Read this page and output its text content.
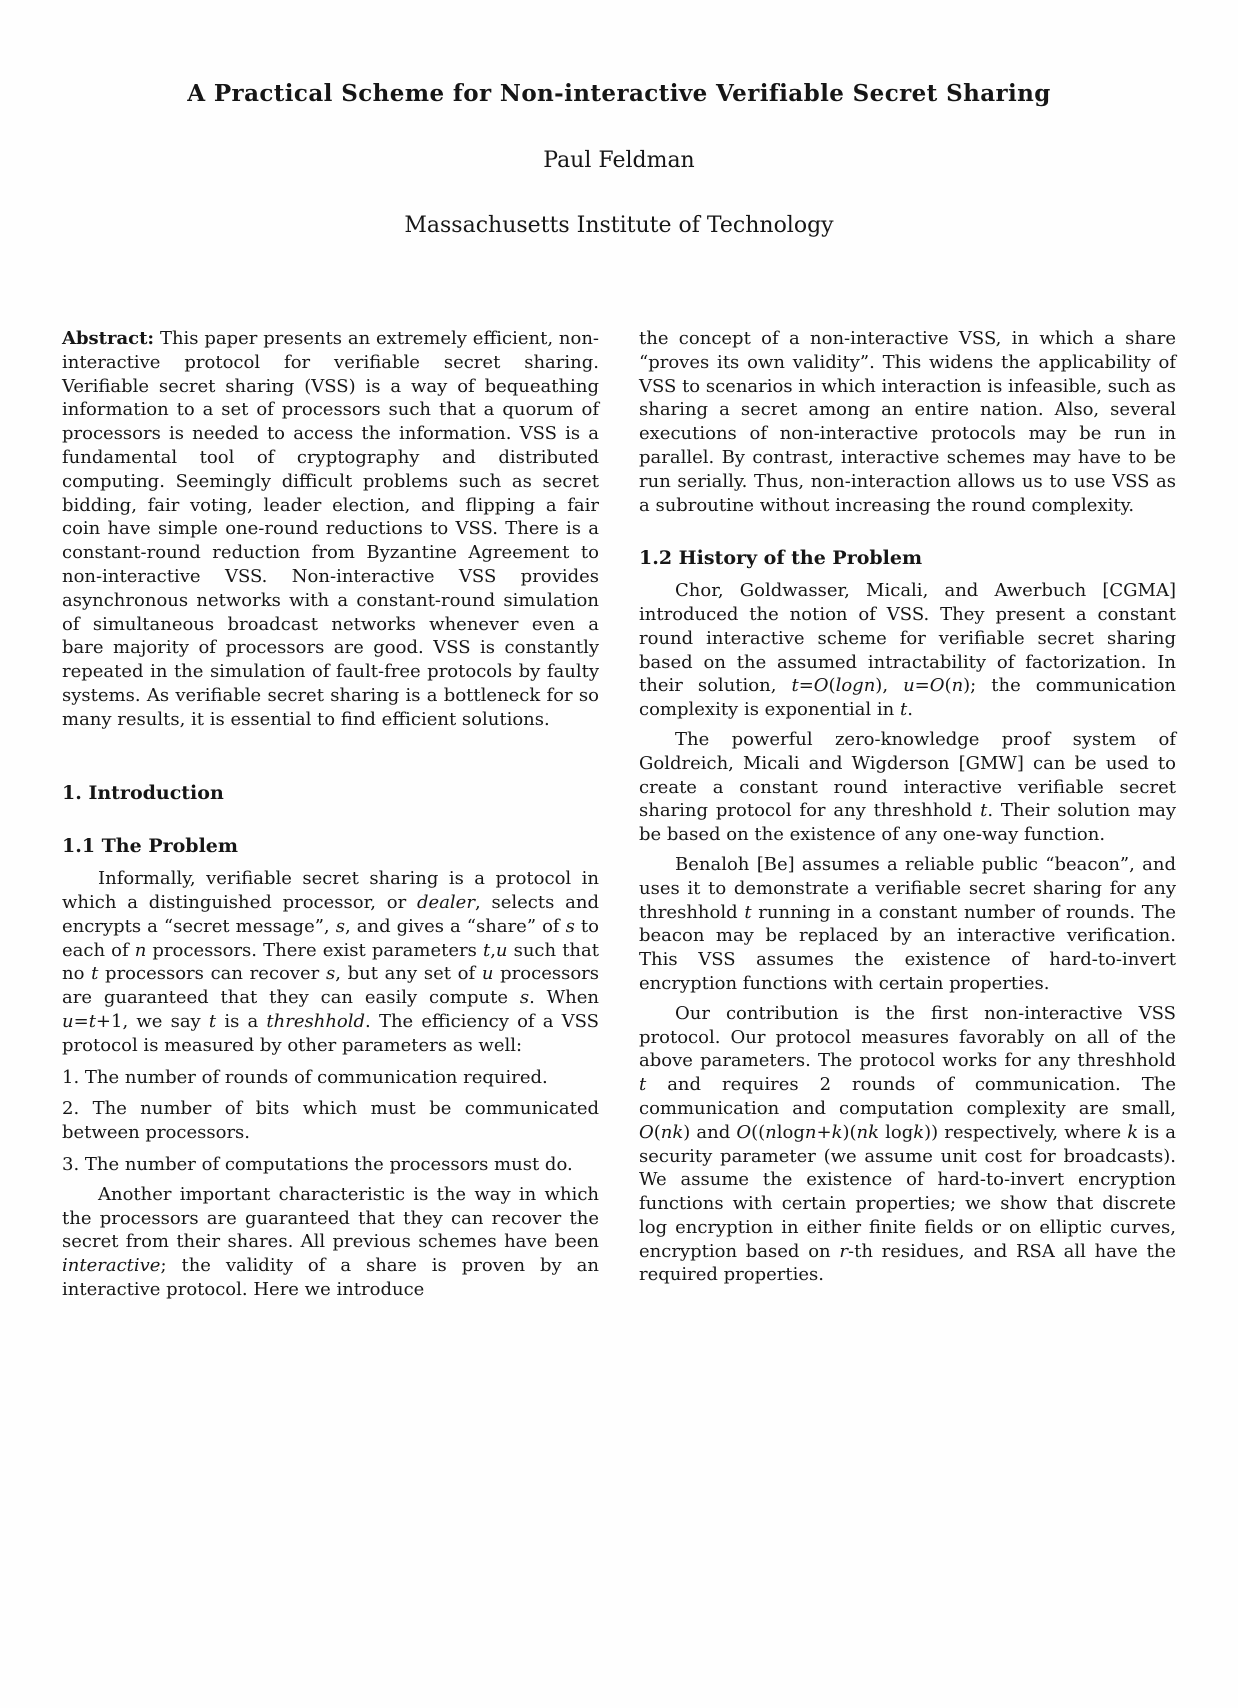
A Practical Scheme for Non-interactive Verifiable Secret Sharing
Paul Feldman
Massachusetts Institute of Technology

Abstract: This paper presents an extremely efficient, non-interactive protocol for verifiable secret sharing. Verifiable secret sharing (VSS) is a way of bequeathing information to a set of processors such that a quorum of processors is needed to access the information. VSS is a fundamental tool of cryptography and distributed computing. Seemingly difficult problems such as secret bidding, fair voting, leader election, and flipping a fair coin have simple one-round reductions to VSS. There is a constant-round reduction from Byzantine Agreement to non-interactive VSS. Non-interactive VSS provides asynchronous networks with a constant-round simulation of simultaneous broadcast networks whenever even a bare majority of processors are good. VSS is constantly repeated in the simulation of fault-free protocols by faulty systems. As verifiable secret sharing is a bottleneck for so many results, it is essential to find efficient solutions.

1. Introduction
1.1 The Problem

Informally, verifiable secret sharing is a protocol in which a distinguished processor, or dealer, selects and encrypts a “secret message”, s, and gives a “share” of s to each of n processors. There exist parameters t,u such that no t processors can recover s, but any set of u processors are guaranteed that they can easily compute s. When u=t+1, we say t is a threshhold. The efficiency of a VSS protocol is measured by other parameters as well:

1. The number of rounds of communication required.

2. The number of bits which must be communicated between processors.

3. The number of computations the processors must do.

Another important characteristic is the way in which the processors are guaranteed that they can recover the secret from their shares. All previous schemes have been interactive; the validity of a share is proven by an interactive protocol. Here we introduce

the concept of a non-interactive VSS, in which a share “proves its own validity”. This widens the applicability of VSS to scenarios in which interaction is infeasible, such as sharing a secret among an entire nation. Also, several executions of non-interactive protocols may be run in parallel. By contrast, interactive schemes may have to be run serially. Thus, non-interaction allows us to use VSS as a subroutine without increasing the round complexity.

1.2 History of the Problem

Chor, Goldwasser, Micali, and Awerbuch [CGMA] introduced the notion of VSS. They present a constant round interactive scheme for verifiable secret sharing based on the assumed intractability of factorization. In their solution, t=O(logn), u=O(n); the communication complexity is exponential in t.

The powerful zero-knowledge proof system of Goldreich, Micali and Wigderson [GMW] can be used to create a constant round interactive verifiable secret sharing protocol for any threshhold t. Their solution may be based on the existence of any one-way function.

Benaloh [Be] assumes a reliable public “beacon”, and uses it to demonstrate a verifiable secret sharing for any threshhold t running in a constant number of rounds. The beacon may be replaced by an interactive verification. This VSS assumes the existence of hard-to-invert encryption functions with certain properties.

Our contribution is the first non-interactive VSS protocol. Our protocol measures favorably on all of the above parameters. The protocol works for any threshhold t and requires 2 rounds of communication. The communication and computation complexity are small, O(nk) and O((nlogn+k)(nk logk)) respectively, where k is a security parameter (we assume unit cost for broadcasts). We assume the existence of hard-to-invert encryption functions with certain properties; we show that discrete log encryption in either finite fields or on elliptic curves, encryption based on r-th residues, and RSA all have the required properties.
